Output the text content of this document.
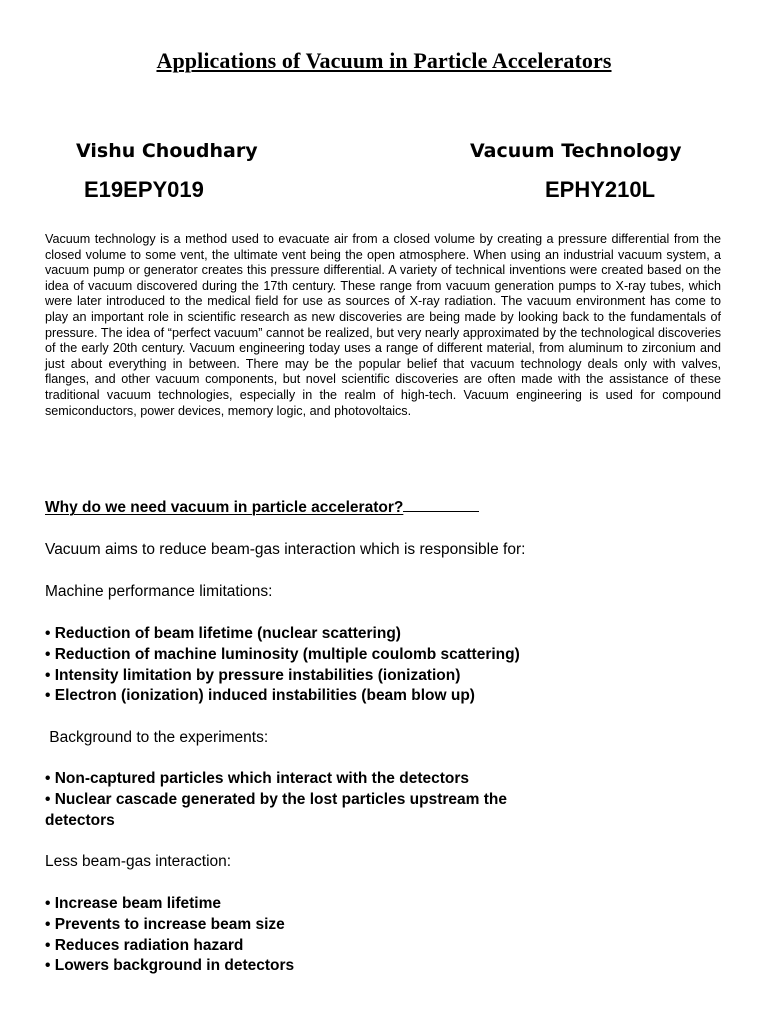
Applications of Vacuum in Particle Accelerators
Vishu Choudhary	Vacuum Technology
E19EPY019	EPHY210L

Vacuum technology is a method used to evacuate air from a closed volume by creating a pressure differential from the closed volume to some vent, the ultimate vent being the open atmosphere. When using an industrial vacuum system, a vacuum pump or generator creates this pressure differential. A variety of technical inventions were created based on the idea of vacuum discovered during the 17th century. These range from vacuum generation pumps to X-ray tubes, which were later introduced to the medical field for use as sources of X-ray radiation. The vacuum environment has come to play an important role in scientific research as new discoveries are being made by looking back to the fundamentals of pressure. The idea of “perfect vacuum” cannot be realized, but very nearly approximated by the technological discoveries of the early 20th century. Vacuum engineering today uses a range of different material, from aluminum to zirconium and just about everything in between. There may be the popular belief that vacuum technology deals only with valves, flanges, and other vacuum components, but novel scientific discoveries are often made with the assistance of these traditional vacuum technologies, especially in the realm of high-tech. Vacuum engineering is used for compound semiconductors, power devices, memory logic, and photovoltaics.

Why do we need vacuum in particle accelerator?
Vacuum aims to reduce beam-gas interaction which is responsible for:
Machine performance limitations:
• Reduction of beam lifetime (nuclear scattering)
• Reduction of machine luminosity (multiple coulomb scattering)
• Intensity limitation by pressure instabilities (ionization)
• Electron (ionization) induced instabilities (beam blow up)
Background to the experiments:
• Non-captured particles which interact with the detectors
• Nuclear cascade generated by the lost particles upstream the detectors
Less beam-gas interaction:
• Increase beam lifetime
• Prevents to increase beam size
• Reduces radiation hazard
• Lowers background in detectors
